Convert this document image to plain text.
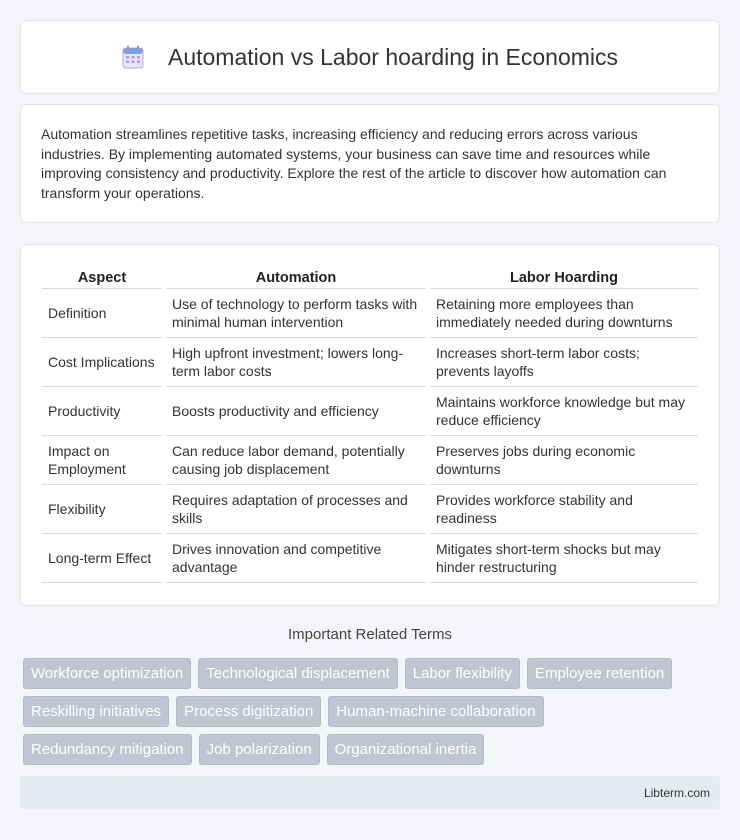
Automation vs Labor hoarding in Economics

Automation streamlines repetitive tasks, increasing efficiency and reducing errors across various industries. By implementing automated systems, your business can save time and resources while improving consistency and productivity. Explore the rest of the article to discover how automation can transform your operations.

Aspect	Automation	Labor Hoarding
Definition	Use of technology to perform tasks with minimal human intervention	Retaining more employees than immediately needed during downturns
Cost Implications	High upfront investment; lowers long-term labor costs	Increases short-term labor costs; prevents layoffs
Productivity	Boosts productivity and efficiency	Maintains workforce knowledge but may reduce efficiency
Impact on Employment	Can reduce labor demand, potentially causing job displacement	Preserves jobs during economic downturns
Flexibility	Requires adaptation of processes and skills	Provides workforce stability and readiness
Long-term Effect	Drives innovation and competitive advantage	Mitigates short-term shocks but may hinder restructuring
Important Related Terms
Workforce optimization	Technological displacement	Labor flexibility	Employee retention
Reskilling initiatives	Process digitization	Human-machine collaboration
Redundancy mitigation	Job polarization	Organizational inertia
Libterm.com
